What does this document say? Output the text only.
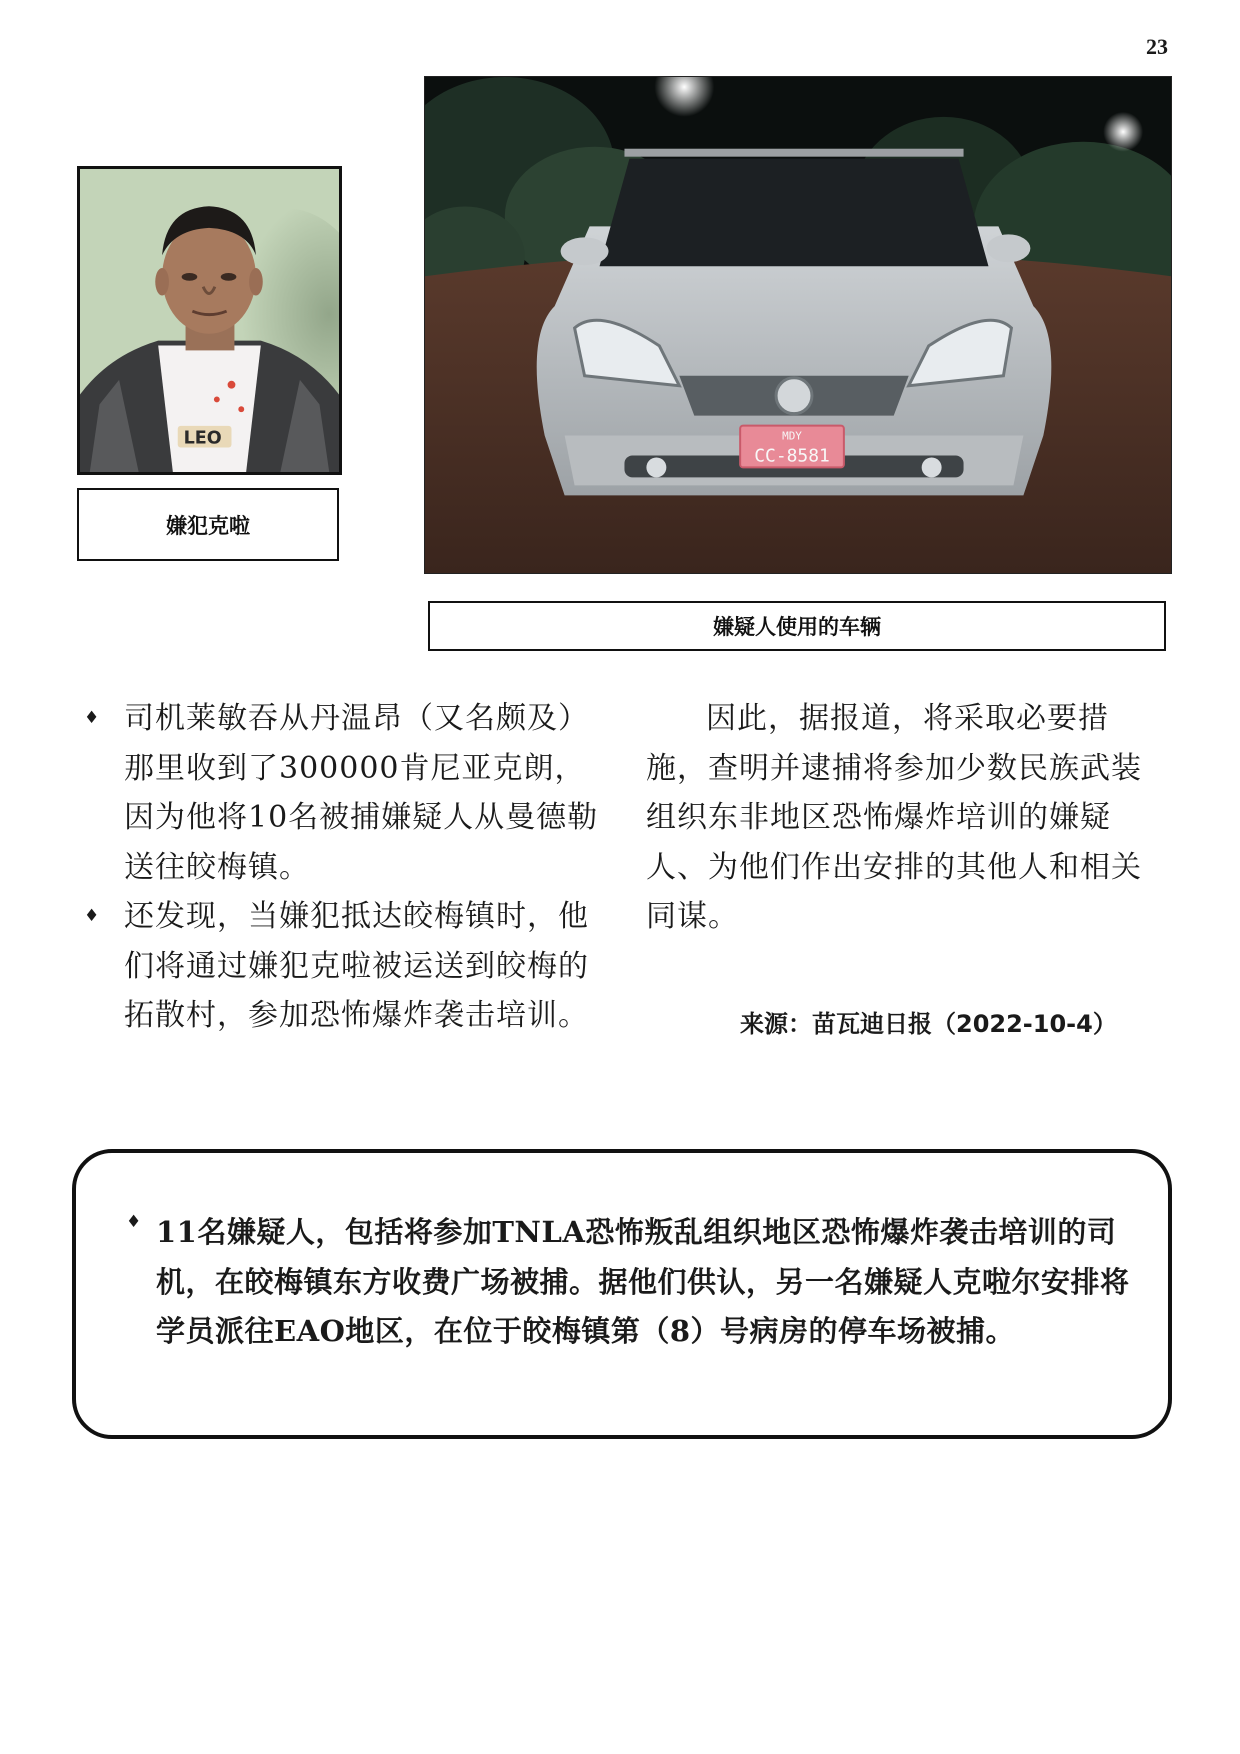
23
LEO
嫌犯克啦
MDY
CC-8581
嫌疑人使用的车辆
♦ 司机莱敏吞从丹温昂（又名颇及）那里收到了300000肯尼亚克朗，因为他将10名被捕嫌疑人从曼德勒送往皎梅镇。
♦ 还发现，当嫌犯抵达皎梅镇时，他们将通过嫌犯克啦被运送到皎梅的拓散村，参加恐怖爆炸袭击培训。
因此，据报道，将采取必要措施，查明并逮捕将参加少数民族武装组织东非地区恐怖爆炸培训的嫌疑人、为他们作出安排的其他人和相关同谋。
来源：苗瓦迪日报（2022-10-4）
♦ 11名嫌疑人，包括将参加TNLA恐怖叛乱组织地区恐怖爆炸袭击培训的司机，在皎梅镇东方收费广场被捕。据他们供认，另一名嫌疑人克啦尔安排将学员派往EAO地区，在位于皎梅镇第（8）号病房的停车场被捕。
